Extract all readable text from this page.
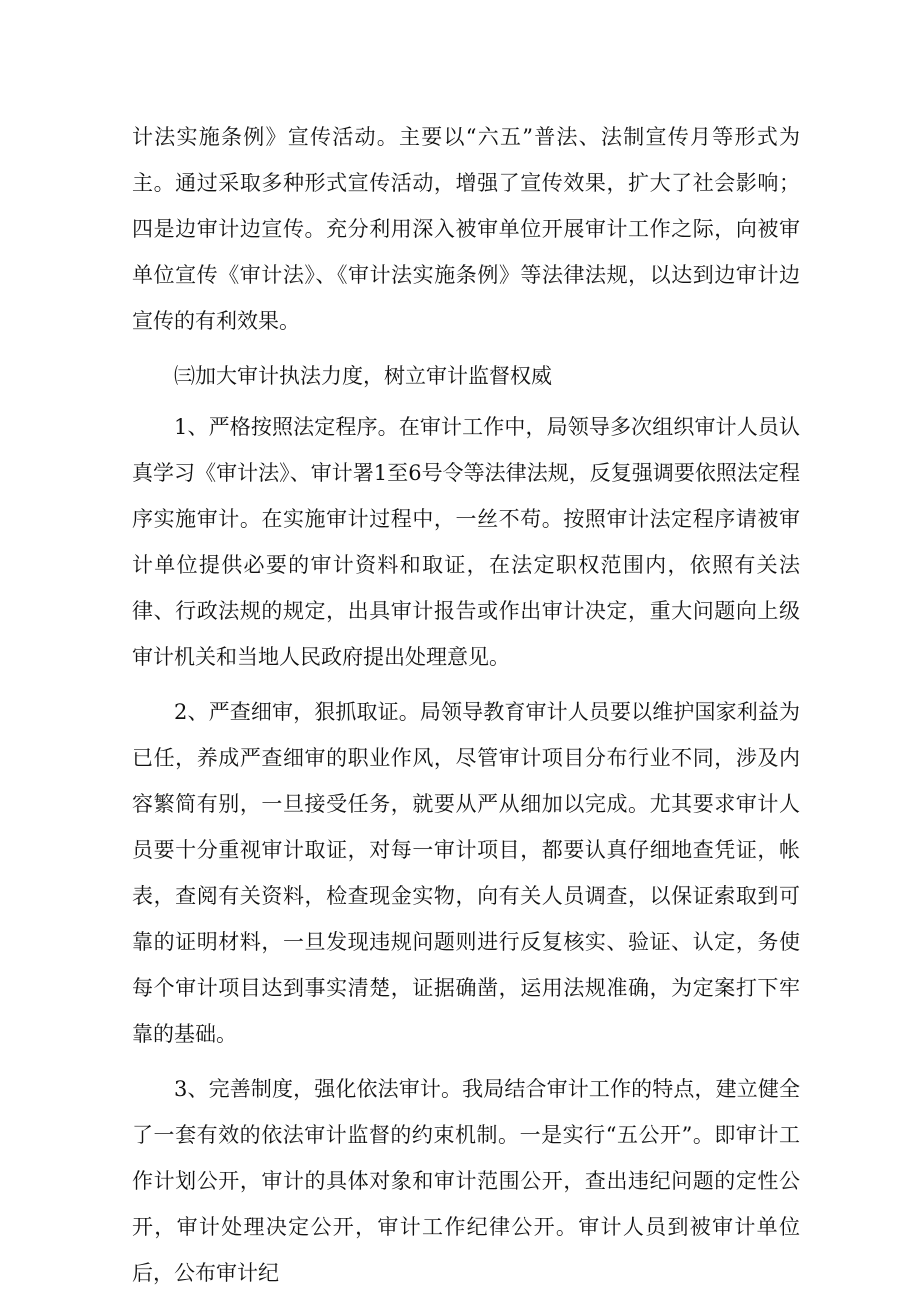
计法实施条例》宣传活动。主要以“六五”普法、法制宣传月等形式为主。通过采取多种形式宣传活动，增强了宣传效果，扩大了社会影响；四是边审计边宣传。充分利用深入被审单位开展审计工作之际，向被审单位宣传《审计法》、《审计法实施条例》等法律法规，以达到边审计边宣传的有利效果。

㈢加大审计执法力度，树立审计监督权威

1、严格按照法定程序。在审计工作中，局领导多次组织审计人员认真学习《审计法》、审计署1至6号令等法律法规，反复强调要依照法定程序实施审计。在实施审计过程中，一丝不苟。按照审计法定程序请被审计单位提供必要的审计资料和取证，在法定职权范围内，依照有关法律、行政法规的规定，出具审计报告或作出审计决定，重大问题向上级审计机关和当地人民政府提出处理意见。

2、严查细审，狠抓取证。局领导教育审计人员要以维护国家利益为已任，养成严查细审的职业作风，尽管审计项目分布行业不同，涉及内容繁简有别，一旦接受任务，就要从严从细加以完成。尤其要求审计人员要十分重视审计取证，对每一审计项目，都要认真仔细地查凭证，帐表，查阅有关资料，检查现金实物，向有关人员调查，以保证索取到可靠的证明材料，一旦发现违规问题则进行反复核实、验证、认定，务使每个审计项目达到事实清楚，证据确凿，运用法规准确，为定案打下牢靠的基础。

3、完善制度，强化依法审计。我局结合审计工作的特点，建立健全了一套有效的依法审计监督的约束机制。一是实行“五公开”。即审计工作计划公开，审计的具体对象和审计范围公开，查出违纪问题的定性公开，审计处理决定公开，审计工作纪律公开。审计人员到被审计单位后，公布审计纪
